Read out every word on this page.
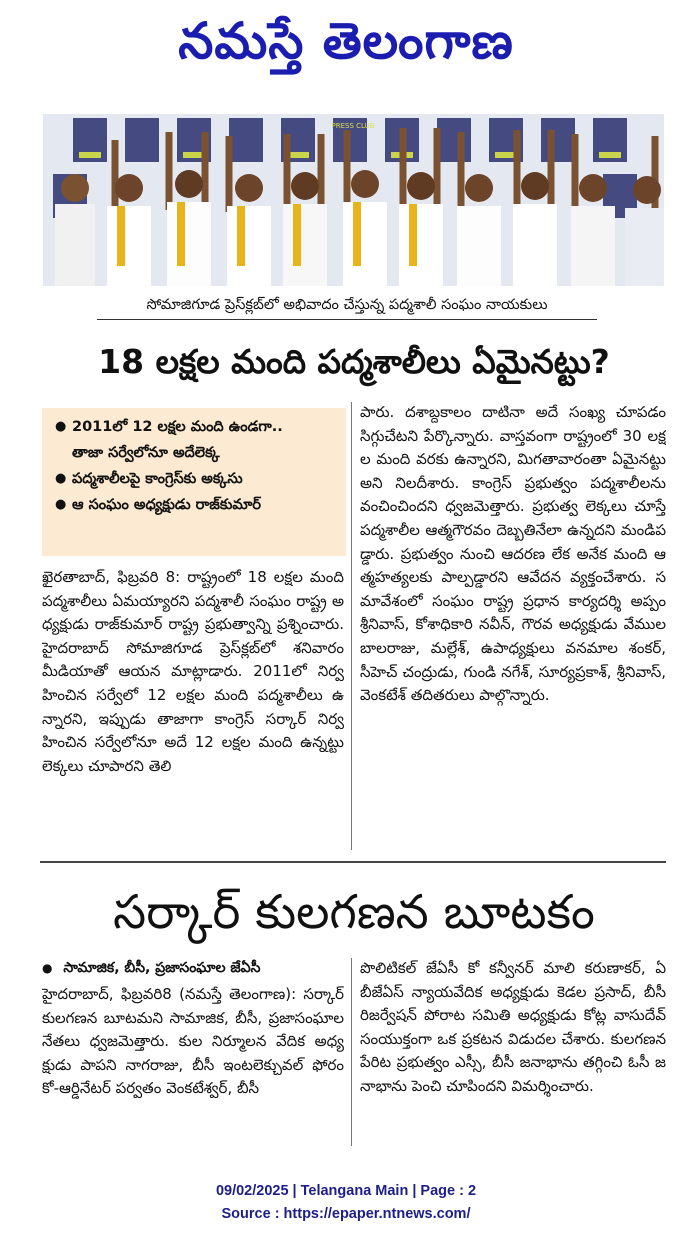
నమస్తే తెలంగాణ
PRESS CLUB
సోమాజిగూడ ప్రెస్‌క్లబ్‌లో అభివాదం చేస్తున్న పద్మశాలీ సంఘం నాయకులు
18 లక్షల మంది పద్మశాలీలు ఏమైనట్టు?
● 2011లో 12 లక్షల మంది ఉండగా..
తాజా సర్వేలోనూ అదేలెక్క
● పద్మశాలీలపై కాంగ్రెస్‌కు అక్కసు
● ఆ సంఘం అధ్యక్షుడు రాజ్‌కుమార్
ఖైరతాబాద్, ఫిబ్రవరి 8: రాష్ట్రంలో 18 లక్షల మంది పద్మశాలీలు ఏమయ్యారని పద్మశాలీ సంఘం రాష్ట్ర అధ్యక్షుడు రాజ్‌కుమార్ రాష్ట్ర ప్రభుత్వాన్ని ప్రశ్నించారు. హైదరాబాద్ సోమాజిగూడ ప్రెస్‌క్లబ్‌లో శనివారం మీడియాతో ఆయన మాట్లాడారు. 2011లో నిర్వహించిన సర్వేలో 12 లక్షల మంది పద్మశాలీలు ఉన్నారని, ఇప్పుడు తాజాగా కాంగ్రెస్ సర్కార్ నిర్వహించిన సర్వేలోనూ అదే 12 లక్షల మంది ఉన్నట్టు లెక్కలు చూపారని తెలి
పారు. దశాబ్దకాలం దాటినా అదే సంఖ్య చూపడం సిగ్గుచేటని పేర్కొన్నారు. వాస్తవంగా రాష్ట్రంలో 30 లక్షల మంది వరకు ఉన్నారని, మిగతావారంతా ఏమైనట్టు అని నిలదీశారు. కాంగ్రెస్ ప్రభుత్వం పద్మశాలీలను వంచించిందని ధ్వజమెత్తారు. ప్రభుత్వ లెక్కలు చూస్తే పద్మశాలీల ఆత్మగౌరవం దెబ్బతినేలా ఉన్నదని మండిపడ్డారు. ప్రభుత్వం నుంచి ఆదరణ లేక అనేక మంది ఆత్మహత్యలకు పాల్పడ్డారని ఆవేదన వ్యక్తంచేశారు. సమావేశంలో సంఘం రాష్ట్ర ప్రధాన కార్యదర్శి అప్పం శ్రీనివాస్, కోశాధికారి నవీన్, గౌరవ అధ్యక్షుడు వేముల బాలరాజు, మల్లేశ్, ఉపాధ్యక్షులు వనమాల శంకర్, సీహెచ్ చంద్రుడు, గుండి నగేశ్, సూర్యప్రకాశ్, శ్రీనివాస్, వెంకటేశ్ తదితరులు పాల్గొన్నారు.
సర్కార్ కులగణన బూటకం
● సామాజిక, బీసీ, ప్రజాసంఘాల జేఏసీ
హైదరాబాద్, ఫిబ్రవరి8 (నమస్తే తెలంగాణ): సర్కార్ కులగణన బూటమని సామాజిక, బీసీ, ప్రజాసంఘాల నేతలు ధ్వజమెత్తారు. కుల నిర్మూలన వేదిక అధ్యక్షుడు పాపని నాగరాజు, బీసీ ఇంటలెక్చువల్ ఫోరం కో-ఆర్డినేటర్ పర్వతం వెంకటేశ్వర్, బీసీ
పొలిటికల్ జేఏసీ కో కన్వీనర్ మాలి కరుణాకర్, ఏబీజేఏస్ న్యాయవేదిక అధ్యక్షుడు కెడల ప్రసాద్, బీసీ రిజర్వేషన్ పోరాట సమితి అధ్యక్షుడు కోట్ల వాసుదేవ్ సంయుక్తంగా ఒక ప్రకటన విడుదల చేశారు. కులగణన పేరిట ప్రభుత్వం ఎస్సీ, బీసీ జనాభాను తగ్గించి ఓసీ జనాభాను పెంచి చూపిందని విమర్శించారు.
09/02/2025 | Telangana Main | Page : 2
Source : https://epaper.ntnews.com/
